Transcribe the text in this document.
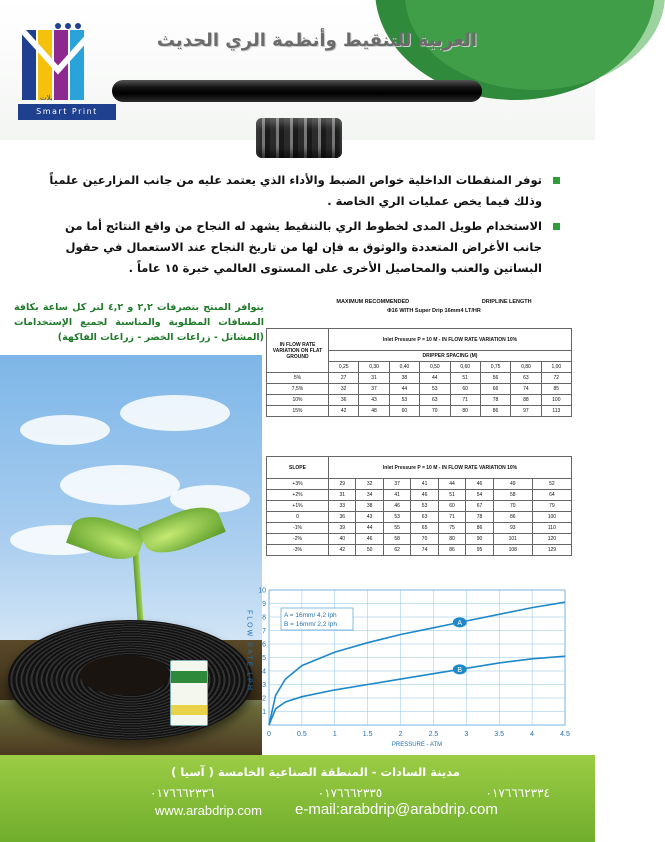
بلات
Smart Print
العربية للتنقيط وأنظمة الري الحديث
توفر المنقطات الداخلية خواص الضبط والأداء الذي يعتمد عليه من جانب المزارعين علمياً وذلك فيما يخص عمليات الري الخاصة .
الاستخدام طويل المدى لخطوط الري بالتنقيط يشهد له النجاح من واقع النتائج أما من جانب الأغراض المتعددة والوثوق به فإن لها من تاريخ النجاح عند الاستعمال في حقول البساتين والعنب والمحاصيل الأخرى على المستوى العالمي خبرة ١٥ عاماً .
يتوافر المنتج بتصرفات ٢,٢ و ٤,٢ لتر كل ساعة بكافة المسافات المطلوبة والمناسبة لجميع الإستخدامات (المشاتل - زراعات الخضر - زراعات الفاكهة)
MAXIMUM RECOMMENDED	DRIPLINE LENGTH
Φ16 WITH Super Drip 16mm4 LT/HR
IN FLOW RATE VARIATION ON FLAT GROUND	Inlet Pressure P = 10 M - IN FLOW RATE VARIATION 10%							
	DRIPPER SPACING (M)							
	0,25	0,30	0,40	0,50	0,60	0,75	0,80	1,00
5%	27	31	38	44	51	56	63	72
7,5%	32	37	44	53	60	66	74	85
10%	36	43	53	63	71	78	88	100
15%	42	48	60	70	80	86	97	113
SLOPE	Inlet Pressure P = 10 M - IN FLOW RATE VARIATION 10%							
+3%	29	32	37	41	44	46	49	52
+2%	31	34	41	46	51	54	58	64
+1%	33	38	46	53	60	67	70	79
0	36	43	53	63	71	78	86	100
-1%	39	44	55	65	75	86	93	110
-2%	40	46	58	70	80	90	101	120
-3%	42	50	62	74	86	95	108	129
0	0.5	1	1.5	2	2.5	3	3.5	4	4.5
1
2
3
4
5
6
7
8
9
10
PRESSURE - ATM
FLOW RATE LPH	A = 16mm/ 4,2 lph
B = 16mm/ 2,2 lph	A
B
مدينة السادات - المنطقة الصناعية الخامسة ( آسيا )
٠١٧٦٦٦٢٣٣٦	٠١٧٦٦٦٢٣٣٥	٠١٧٦٦٦٢٣٣٤
www.arabdrip.com e-mail:arabdrip@arabdrip.com
